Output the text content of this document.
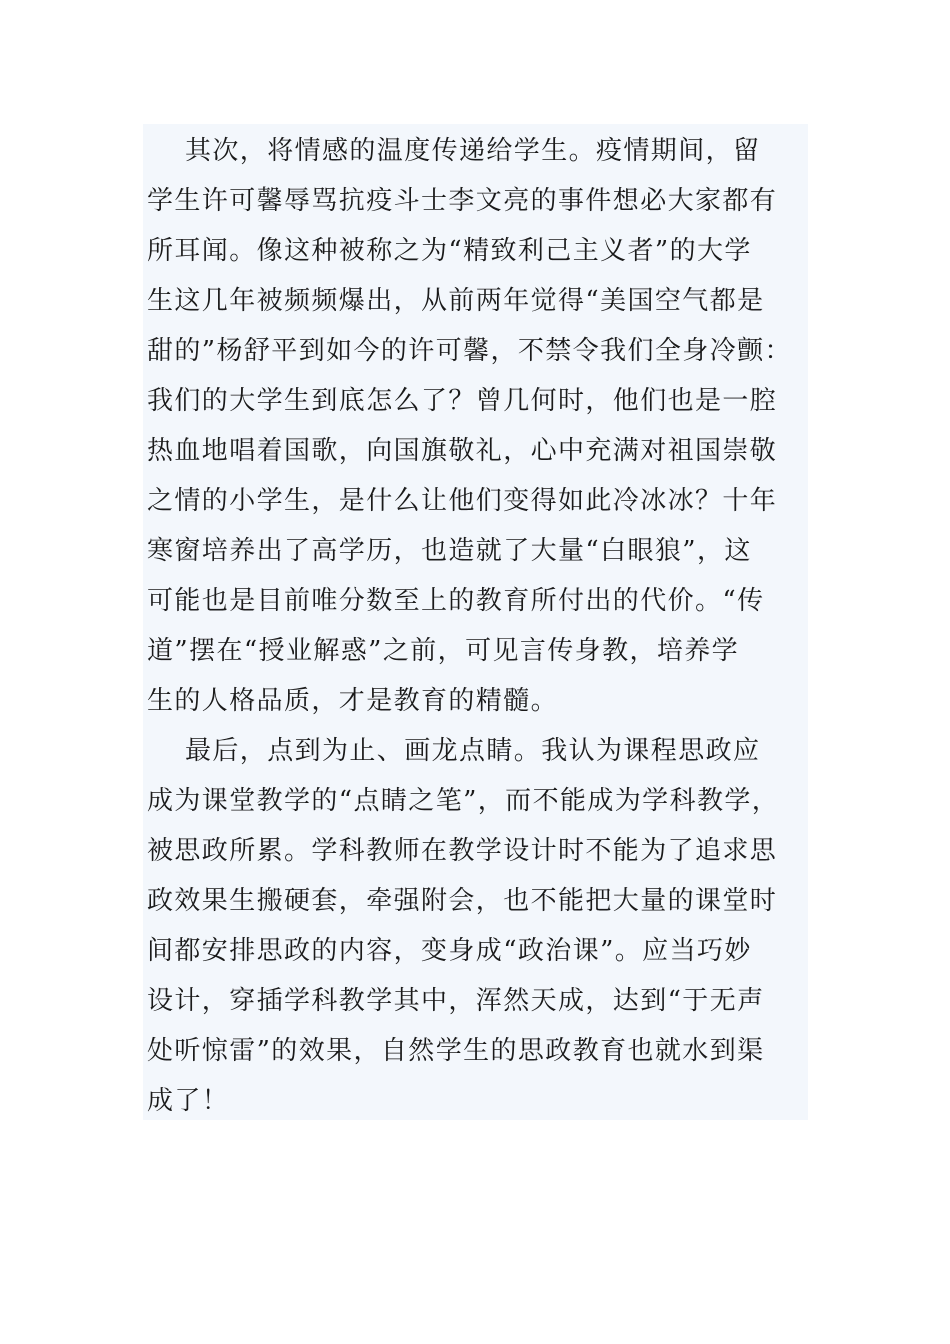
其次，将情感的温度传递给学生。疫情期间，留
学生许可馨辱骂抗疫斗士李文亮的事件想必大家都有
所耳闻。像这种被称之为“精致利己主义者”的大学
生这几年被频频爆出，从前两年觉得“美国空气都是
甜的”杨舒平到如今的许可馨，不禁令我们全身冷颤：
我们的大学生到底怎么了？曾几何时，他们也是一腔
热血地唱着国歌，向国旗敬礼，心中充满对祖国崇敬
之情的小学生，是什么让他们变得如此冷冰冰？十年
寒窗培养出了高学历，也造就了大量“白眼狼”，这
可能也是目前唯分数至上的教育所付出的代价。“传
道”摆在“授业解惑”之前，可见言传身教，培养学
生的人格品质，才是教育的精髓。
最后，点到为止、画龙点睛。我认为课程思政应
成为课堂教学的“点睛之笔”，而不能成为学科教学，
被思政所累。学科教师在教学设计时不能为了追求思
政效果生搬硬套，牵强附会，也不能把大量的课堂时
间都安排思政的内容，变身成“政治课”。应当巧妙
设计，穿插学科教学其中，浑然天成，达到“于无声
处听惊雷”的效果，自然学生的思政教育也就水到渠
成了！
